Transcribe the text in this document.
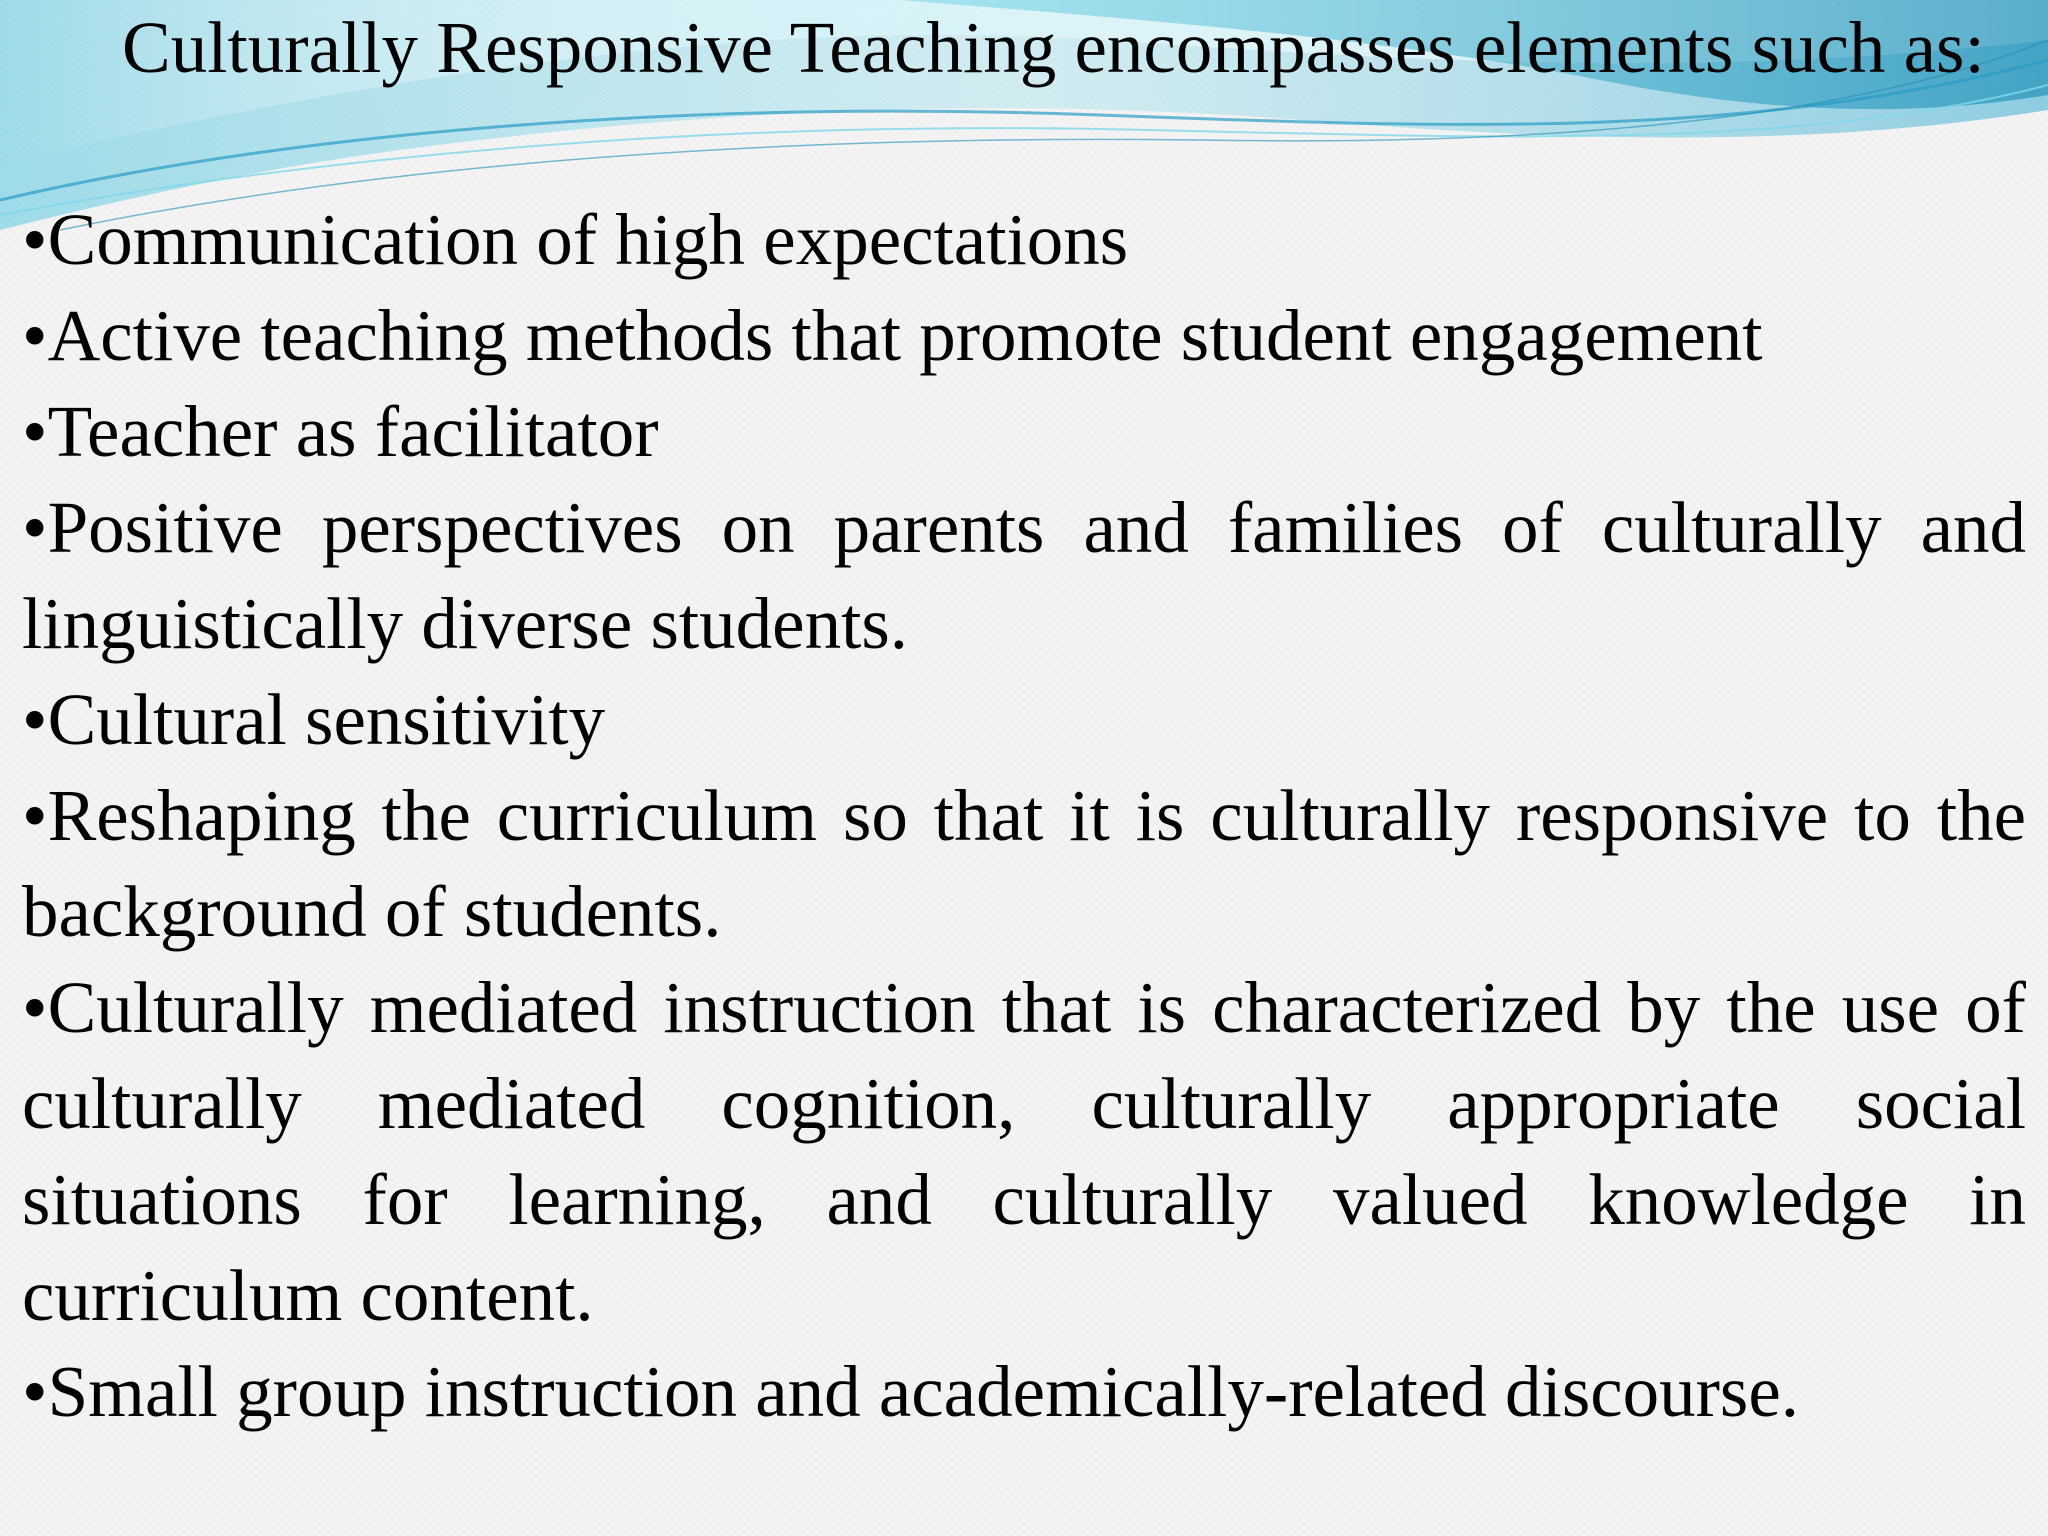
Culturally Responsive Teaching encompasses elements such as:

•Communication of high expectations

•Active teaching methods that promote student engagement

•Teacher as facilitator

•Positive perspectives on parents and families of culturally and linguistically diverse students.

•Cultural sensitivity

•Reshaping the curriculum so that it is culturally responsive to the background of students.

•Culturally mediated instruction that is characterized by the use of culturally mediated cognition, culturally appropriate social situations for learning, and culturally valued knowledge in curriculum content.

•Small group instruction and academically-related discourse.
